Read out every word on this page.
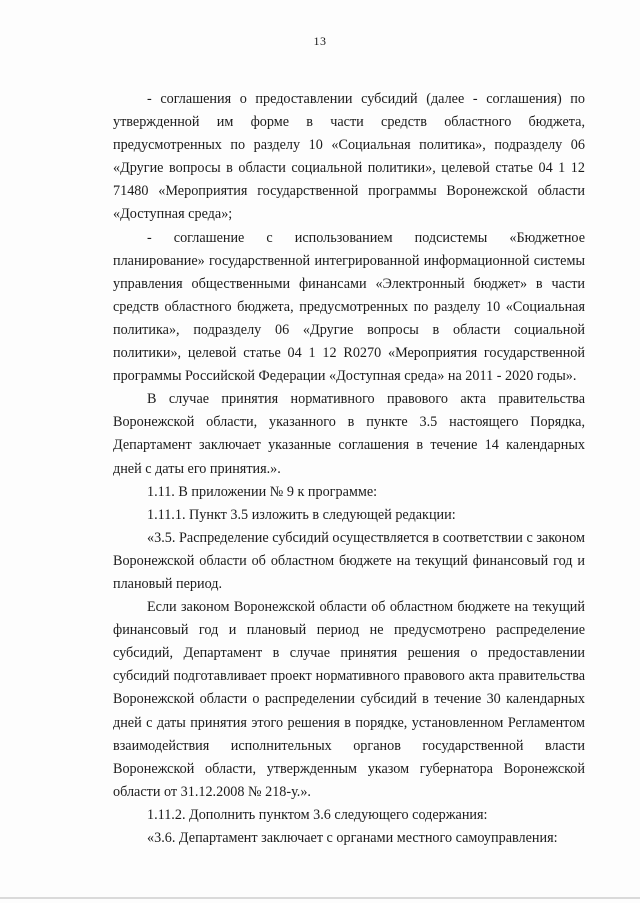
13

- соглашения о предоставлении субсидий (далее - соглашения) по утвержденной им форме в части средств областного бюджета, предусмотренных по разделу 10 «Социальная политика», подразделу 06 «Другие вопросы в области социальной политики», целевой статье 04 1 12 71480 «Мероприятия государственной программы Воронежской области «Доступная среда»;

- соглашение с использованием подсистемы «Бюджетное планирование» государственной интегрированной информационной системы управления общественными финансами «Электронный бюджет» в части средств областного бюджета, предусмотренных по разделу 10 «Социальная политика», подразделу 06 «Другие вопросы в области социальной политики», целевой статье 04 1 12 R0270 «Мероприятия государственной программы Российской Федерации «Доступная среда» на 2011 - 2020 годы».

В случае принятия нормативного правового акта правительства Воронежской области, указанного в пункте 3.5 настоящего Порядка, Департамент заключает указанные соглашения в течение 14 календарных дней с даты его принятия.».

1.11. В приложении № 9 к программе:

1.11.1. Пункт 3.5 изложить в следующей редакции:

«3.5. Распределение субсидий осуществляется в соответствии с законом Воронежской области об областном бюджете на текущий финансовый год и плановый период.

Если законом Воронежской области об областном бюджете на текущий финансовый год и плановый период не предусмотрено распределение субсидий, Департамент в случае принятия решения о предоставлении субсидий подготавливает проект нормативного правового акта правительства Воронежской области о распределении субсидий в течение 30 календарных дней с даты принятия этого решения в порядке, установленном Регламентом взаимодействия исполнительных органов государственной власти Воронежской области, утвержденным указом губернатора Воронежской области от 31.12.2008 № 218-у.».

1.11.2. Дополнить пунктом 3.6 следующего содержания:

«3.6. Департамент заключает с органами местного самоуправления:
